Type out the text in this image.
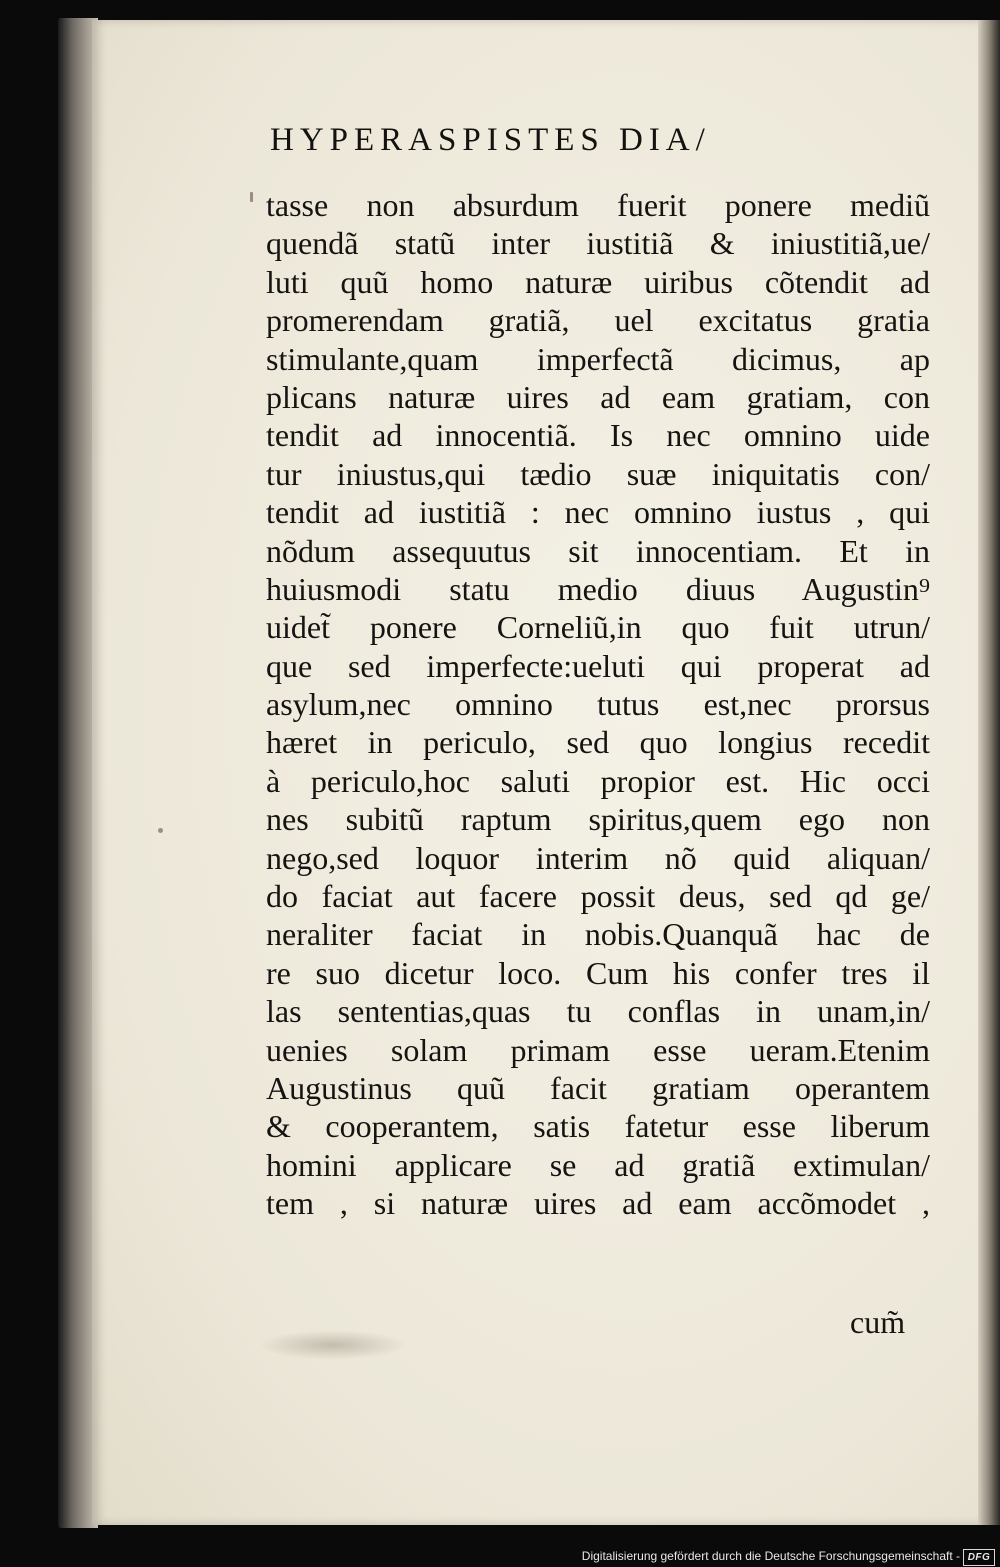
HYPERASPISTES DIA/
tasse non absurdum fuerit ponere mediũ
quendã statũ inter iustitiã & iniustitiã,ue/
luti quũ homo naturæ uiribus cõtendit ad
promerendam gratiã, uel excitatus gratia
stimulante,quam imperfectã dicimus, ap
plicans naturæ uires ad eam gratiam, con
tendit ad innocentiã. Is nec omnino uide
tur iniustus,qui tædio suæ iniquitatis con/
tendit ad iustitiã : nec omnino iustus , qui
nõdum assequutus sit innocentiam. Et in
huiusmodi statu medio diuus Augustin⁹
uidet̃ ponere Corneliũ,in quo fuit utrun/
que sed imperfecte:ueluti qui properat ad
asylum,nec omnino tutus est,nec prorsus
hæret in periculo, sed quo longius recedit
à periculo,hoc saluti propior est. Hic occi
nes subitũ raptum spiritus,quem ego non
nego,sed loquor interim nõ quid aliquan/
do faciat aut facere possit deus, sed qd ge/
neraliter faciat in nobis.Quanquã hac de
re suo dicetur loco. Cum his confer tres il
las sententias,quas tu conflas in unam,in/
uenies solam primam esse ueram.Etenim
Augustinus quũ facit gratiam operantem
& cooperantem, satis fatetur esse liberum
homini applicare se ad gratiã extimulan/
tem , si naturæ uires ad eam accõmodet ,
cum̃
Digitalisierung gefördert durch die Deutsche Forschungsgemeinschaft - DFG
